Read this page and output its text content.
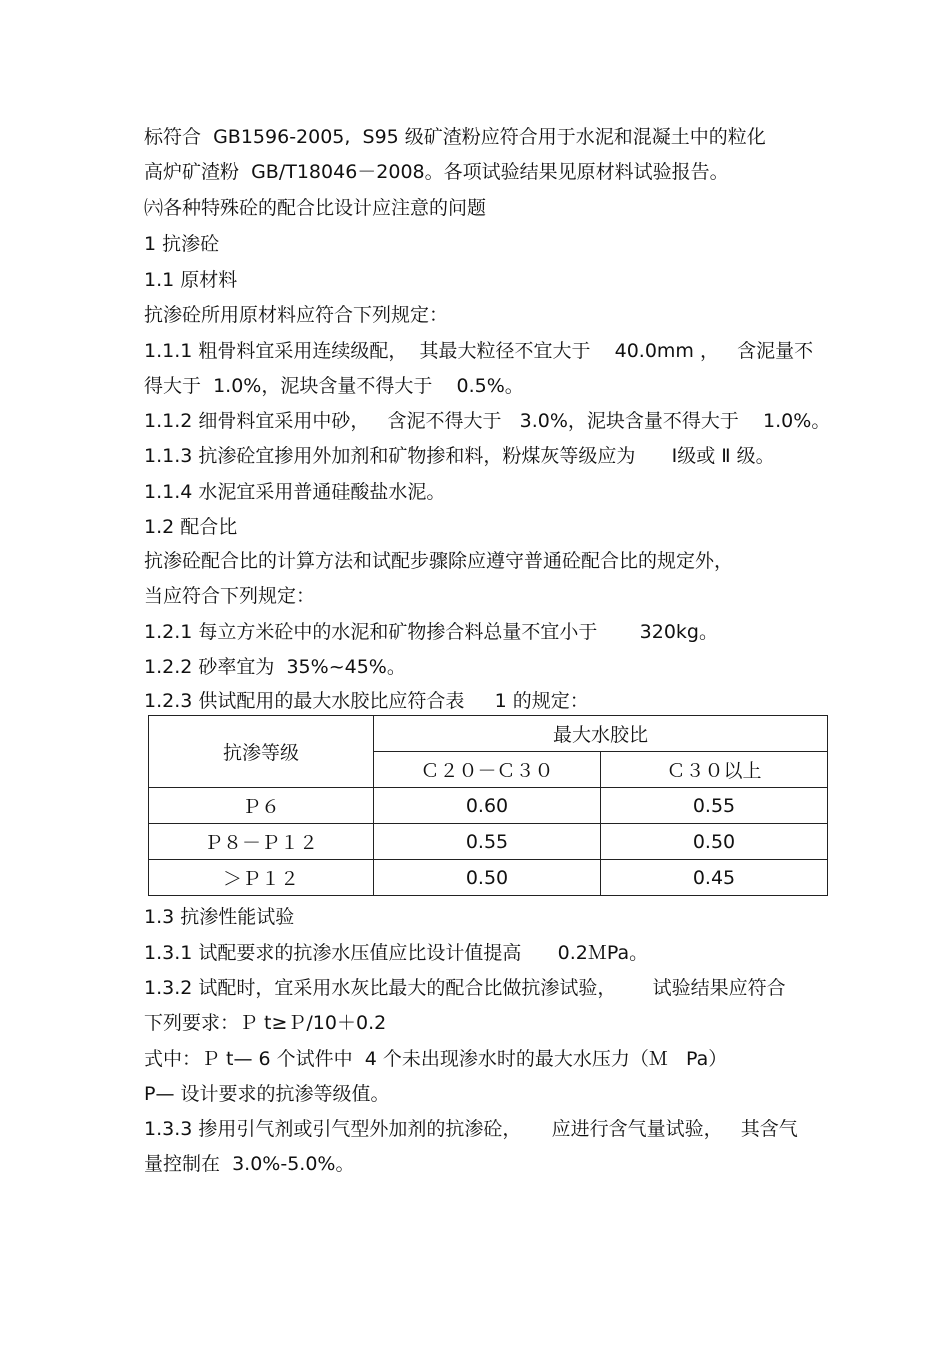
标符合  GB1596-2005,  S95 级矿渣粉应符合用于水泥和混凝土中的粒化

高炉矿渣粉  GB/T18046－2008。各项试验结果见原材料试验报告。

㈥各种特殊砼的配合比设计应注意的问题

1 抗渗砼

1.1 原材料

抗渗砼所用原材料应符合下列规定：

1.1.1 粗骨料宜采用连续级配，  其最大粒径不宜大于    40.0mm ，   含泥量不

得大于  1.0%，泥块含量不得大于    0.5%。

1.1.2 细骨料宜采用中砂，   含泥不得大于   3.0%，泥块含量不得大于    1.0%。

1.1.3 抗渗砼宜掺用外加剂和矿物掺和料，粉煤灰等级应为      Ⅰ级或 Ⅱ 级。

1.1.4 水泥宜采用普通硅酸盐水泥。

1.2 配合比

抗渗砼配合比的计算方法和试配步骤除应遵守普通砼配合比的规定外，

当应符合下列规定：

1.2.1 每立方米砼中的水泥和矿物掺合料总量不宜小于       320kg。

1.2.2 砂率宜为  35%~45%。

1.2.3 供试配用的最大水胶比应符合表     1 的规定：

抗渗等级	最大水胶比	
	Ｃ２０－Ｃ３０	Ｃ３０以上
Ｐ６	0.60	0.55
Ｐ８－Ｐ１２	0.55	0.50
＞Ｐ１２	0.50	0.45

1.3 抗渗性能试验

1.3.1 试配要求的抗渗水压值应比设计值提高      0.2ＭPa。

1.3.2 试配时，宜采用水灰比最大的配合比做抗渗试验，      试验结果应符合

下列要求：Ｐ t≥Ｐ/10＋0.2

式中：Ｐ t— 6 个试件中  4 个未出现渗水时的最大水压力（Ｍ   Pa）

P— 设计要求的抗渗等级值。

1.3.3 掺用引气剂或引气型外加剂的抗渗砼，     应进行含气量试验，   其含气

量控制在  3.0%-5.0%。
